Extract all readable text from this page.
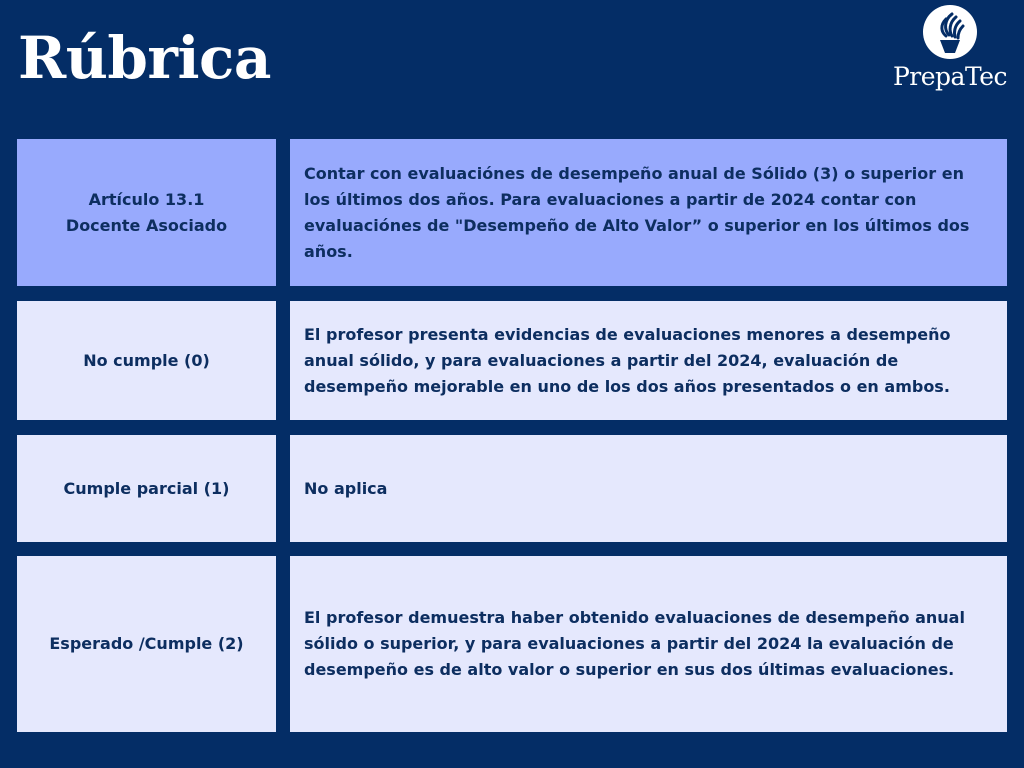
Rúbrica	PrepaTec
Artículo 13.1
Docente Asociado
Contar con evaluaciónes de desempeño anual de Sólido (3) o superior en los últimos dos años. Para evaluaciones a partir de 2024 contar con evaluaciónes de "Desempeño de Alto Valor” o superior en los últimos dos años.
No cumple (0)
El profesor presenta evidencias de evaluaciones menores a desempeño anual sólido, y para evaluaciones a partir del 2024, evaluación de desempeño mejorable en uno de los dos años presentados o en ambos.
Cumple parcial (1)	No aplica
Esperado /Cumple (2)
El profesor demuestra haber obtenido evaluaciones de desempeño anual sólido o superior, y para evaluaciones a partir del 2024 la evaluación de desempeño es de alto valor o superior en sus dos últimas evaluaciones.
